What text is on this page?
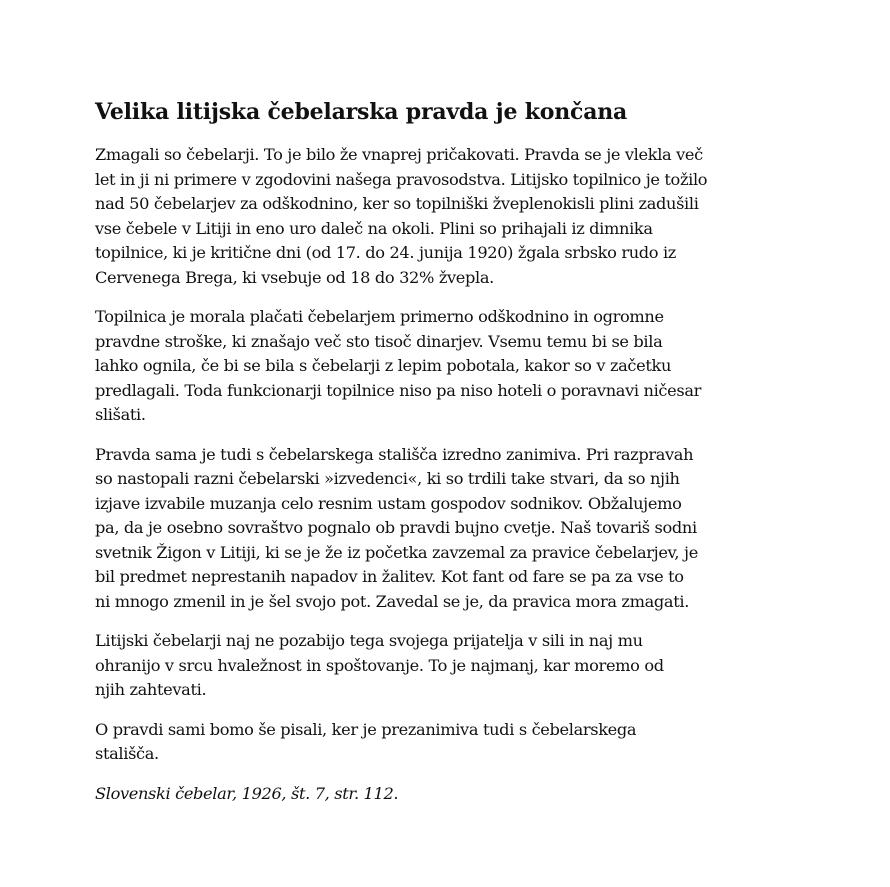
Velika litijska čebelarska pravda je končana

Zmagali so čebelarji. To je bilo že vnaprej pričakovati. Pravda se je vlekla več
let in ji ni primere v zgodovini našega pravosodstva. Litijsko topilnico je tožilo
nad 50 čebelarjev za odškodnino, ker so topilniški žveplenokisli plini zadušili
vse čebele v Litiji in eno uro daleč na okoli. Plini so prihajali iz dimnika
topilnice, ki je kritične dni (od 17. do 24. junija 1920) žgala srbsko rudo iz
Cervenega Brega, ki vsebuje od 18 do 32% žvepla.

Topilnica je morala plačati čebelarjem primerno odškodnino in ogromne
pravdne stroške, ki znašajo več sto tisoč dinarjev. Vsemu temu bi se bila
lahko ognila, če bi se bila s čebelarji z lepim pobotala, kakor so v začetku
predlagali. Toda funkcionarji topilnice niso pa niso hoteli o poravnavi ničesar
slišati.

Pravda sama je tudi s čebelarskega stališča izredno zanimiva. Pri razpravah
so nastopali razni čebelarski »izvedenci«, ki so trdili take stvari, da so njih
izjave izvabile muzanja celo resnim ustam gospodov sodnikov. Obžalujemo
pa, da je osebno sovraštvo pognalo ob pravdi bujno cvetje. Naš tovariš sodni
svetnik Žigon v Litiji, ki se je že iz početka zavzemal za pravice čebelarjev, je
bil predmet neprestanih napadov in žalitev. Kot fant od fare se pa za vse to
ni mnogo zmenil in je šel svojo pot. Zavedal se je, da pravica mora zmagati.

Litijski čebelarji naj ne pozabijo tega svojega prijatelja v sili in naj mu
ohranijo v srcu hvaležnost in spoštovanje. To je najmanj, kar moremo od
njih zahtevati.

O pravdi sami bomo še pisali, ker je prezanimiva tudi s čebelarskega
stališča.

Slovenski čebelar, 1926, št. 7, str. 112.
